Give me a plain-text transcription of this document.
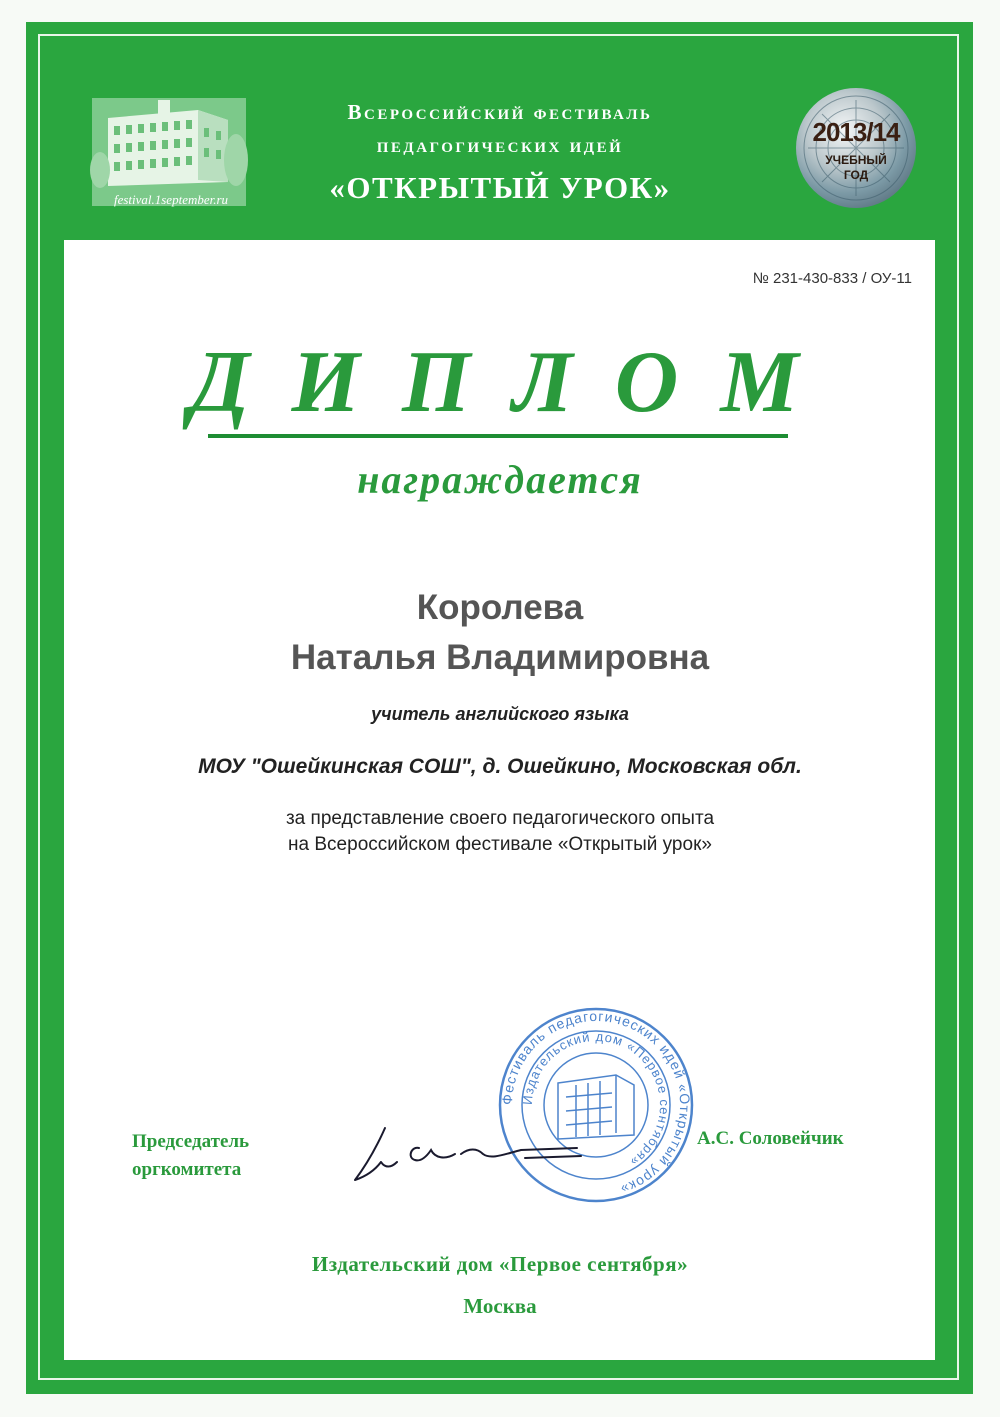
festival.1september.ru
Всероссийский фестиваль
педагогических идей
«ОТКРЫТЫЙ УРОК»
2013/14
УЧЕБНЫЙ
ГОД
№ 231-430-833 / ОУ-11
ДИПЛОМ
награждается
Королева
Наталья Владимировна
учитель английского языка
МОУ "Ошейкинская СОШ", д. Ошейкино, Московская обл.
за представление своего педагогического опыта
на Всероссийском фестивале «Открытый урок»
Фестиваль педагогических идей «Открытый урок»
Издательский дом «Первое сентября»
Председатель
оргкомитета
А.С. Соловейчик
Издательский дом «Первое сентября»
Москва
